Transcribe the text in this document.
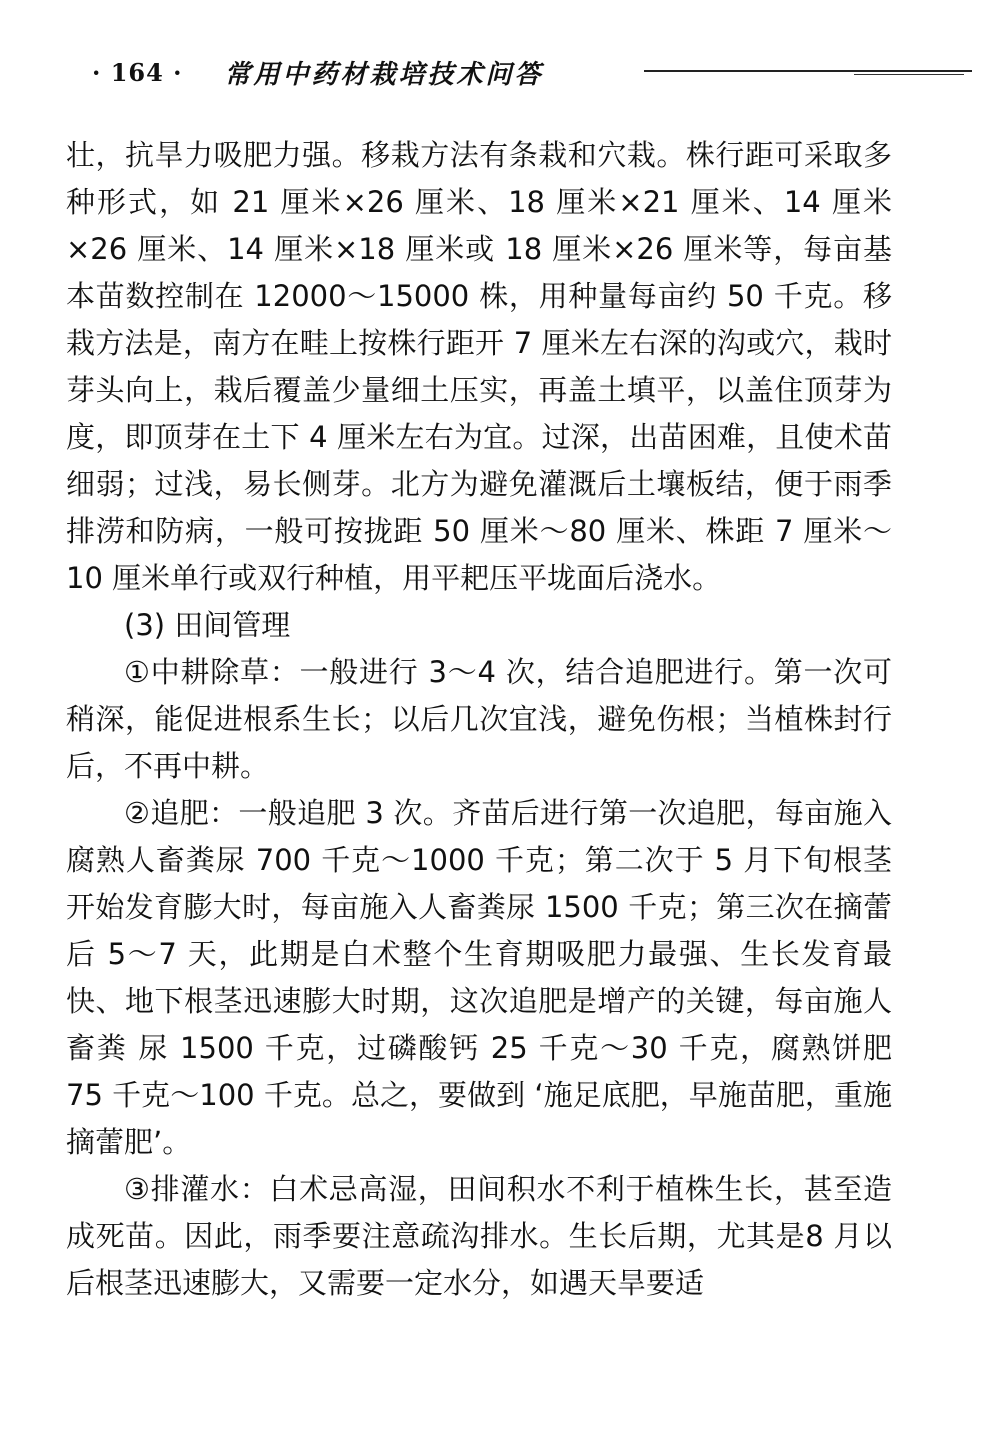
· 164 · 常用中药材栽培技术问答

壮，抗旱力吸肥力强。移栽方法有条栽和穴栽。株行距可采取多种形式，如 21 厘米×26 厘米、18 厘米×21 厘米、14 厘米×26 厘米、14 厘米×18 厘米或 18 厘米×26 厘米等，每亩基本苗数控制在 12000～15000 株，用种量每亩约 50 千克。移栽方法是，南方在畦上按株行距开 7 厘米左右深的沟或穴，栽时芽头向上，栽后覆盖少量细土压实，再盖土填平，以盖住顶芽为度，即顶芽在土下 4 厘米左右为宜。过深，出苗困难，且使术苗细弱；过浅，易长侧芽。北方为避免灌溉后土壤板结，便于雨季排涝和防病，一般可按拢距 50 厘米～80 厘米、株距 7 厘米～10 厘米单行或双行种植，用平耙压平垅面后浇水。

(3) 田间管理

①中耕除草：一般进行 3～4 次，结合追肥进行。第一次可稍深，能促进根系生长；以后几次宜浅，避免伤根；当植株封行后，不再中耕。

②追肥：一般追肥 3 次。齐苗后进行第一次追肥，每亩施入腐熟人畜粪尿 700 千克～1000 千克；第二次于 5 月下旬根茎开始发育膨大时，每亩施入人畜粪尿 1500 千克；第三次在摘蕾后 5～7 天，此期是白术整个生育期吸肥力最强、生长发育最快、地下根茎迅速膨大时期，这次追肥是增产的关键，每亩施人畜粪 尿 1500 千克，过磷酸钙 25 千克～30 千克，腐熟饼肥 75 千克～100 千克。总之，要做到 ‘施足底肥，早施苗肥，重施摘蕾肥’。

③排灌水：白术忌高湿，田间积水不利于植株生长，甚至造成死苗。因此，雨季要注意疏沟排水。生长后期，尤其是8 月以后根茎迅速膨大，又需要一定水分，如遇天旱要适
